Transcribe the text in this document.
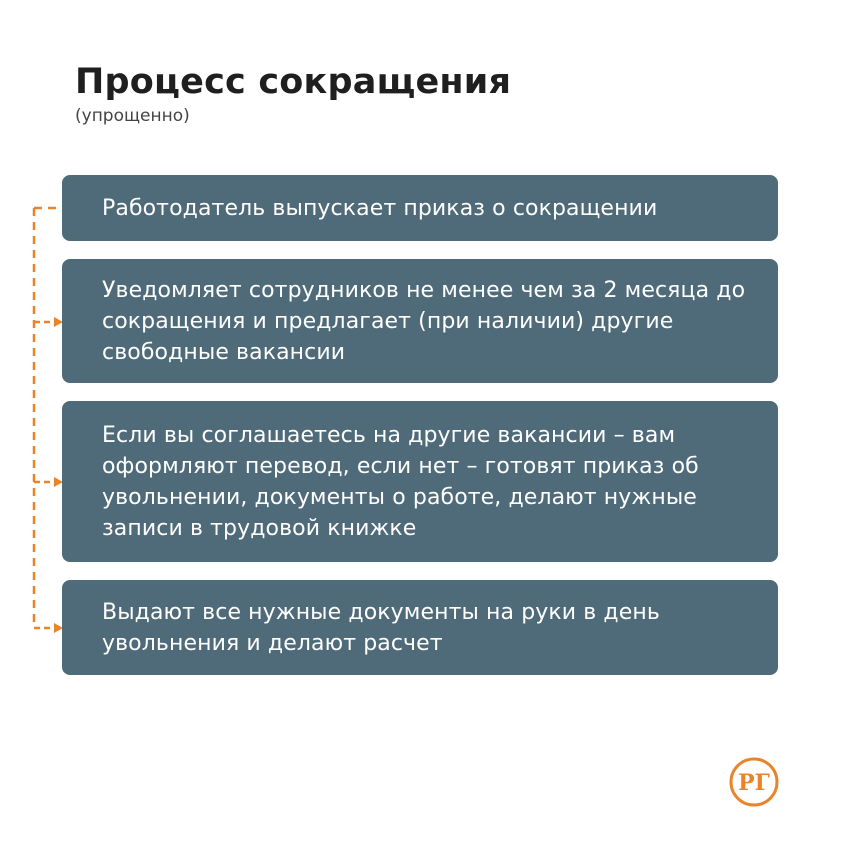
Процесс сокращения
(упрощенно)
Работодатель выпускает приказ о сокращении
Уведомляет сотрудников не менее чем за 2 месяца до сокращения и предлагает (при наличии) другие свободные вакансии
Если вы соглашаетесь на другие вакансии – вам оформляют перевод, если нет – готовят приказ об увольнении, документы о работе, делают нужные записи в трудовой книжке
Выдают все нужные документы на руки в день увольнения и делают расчет
РГ
